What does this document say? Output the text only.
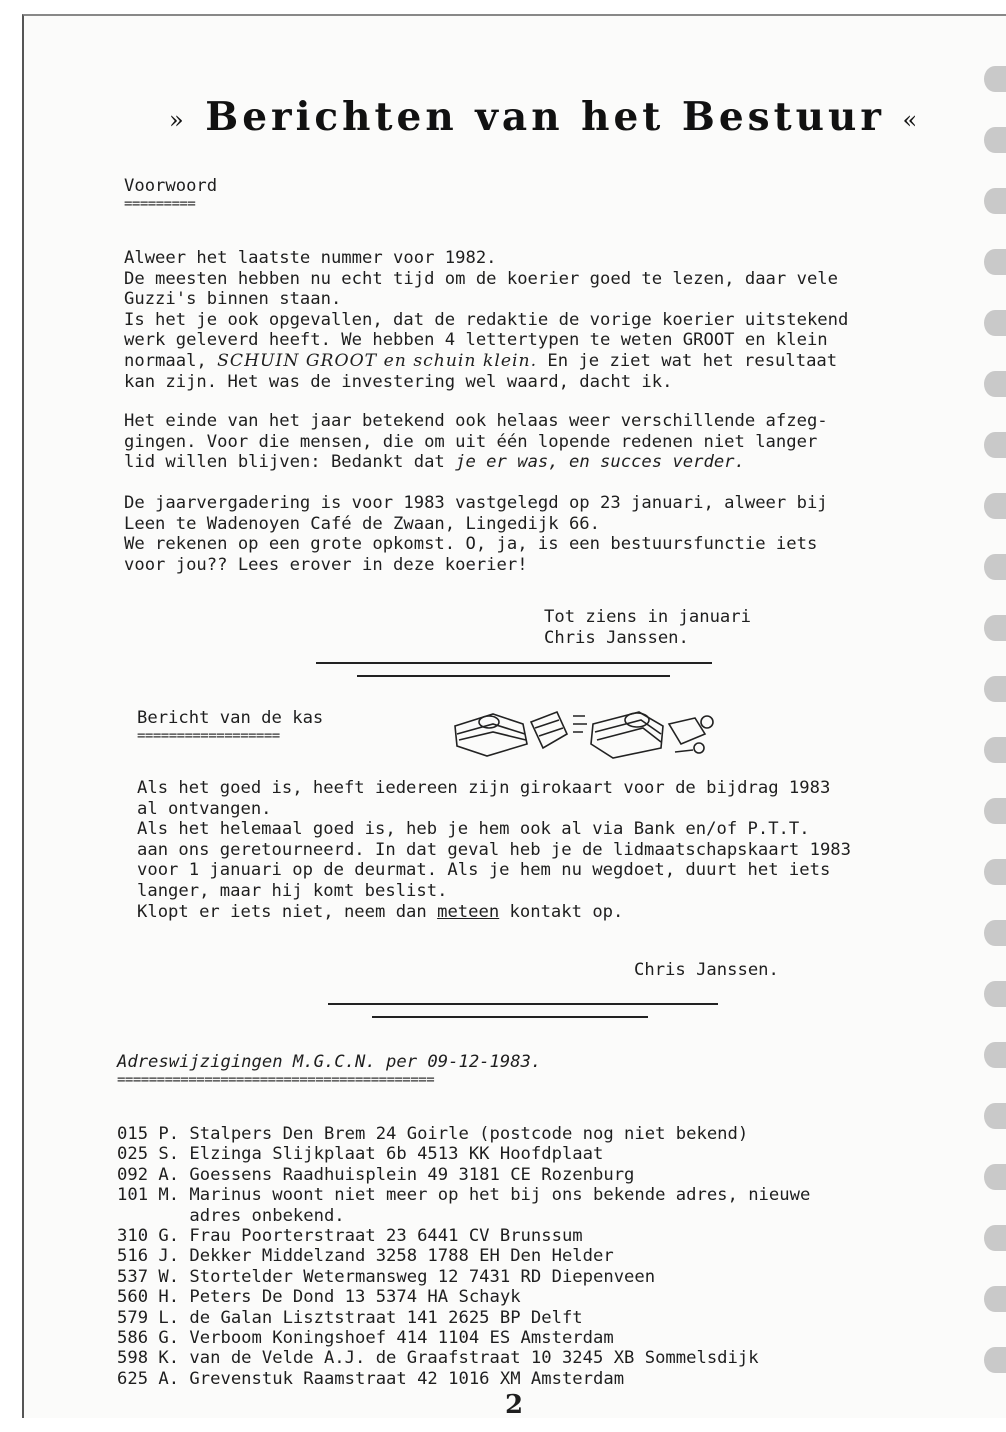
» Berichten van het Bestuur «
Voorwoord
=========
Alweer het laatste nummer voor 1982.
De meesten hebben nu echt tijd om de koerier goed te lezen, daar vele
Guzzi's binnen staan.
Is het je ook opgevallen, dat de redaktie de vorige koerier uitstekend
werk geleverd heeft. We hebben 4 lettertypen te weten GROOT en klein
normaal, SCHUIN GROOT en schuin klein. En je ziet wat het resultaat
kan zijn. Het was de investering wel waard, dacht ik.
Het einde van het jaar betekend ook helaas weer verschillende afzeg-
gingen. Voor die mensen, die om uit één lopende redenen niet langer
lid willen blijven: Bedankt dat je er was, en succes verder.
De jaarvergadering is voor 1983 vastgelegd op 23 januari, alweer bij
Leen te Wadenoyen Café de Zwaan, Lingedijk 66.
We rekenen op een grote opkomst. O, ja, is een bestuursfunctie iets
voor jou?? Lees erover in deze koerier!
Tot ziens in januari
Chris Janssen.
Bericht van de kas
==================
Als het goed is, heeft iedereen zijn girokaart voor de bijdrag 1983
al ontvangen.
Als het helemaal goed is, heb je hem ook al via Bank en/of P.T.T.
aan ons geretourneerd. In dat geval heb je de lidmaatschapskaart 1983
voor 1 januari op de deurmat. Als je hem nu wegdoet, duurt het iets
langer, maar hij komt beslist.
Klopt er iets niet, neem dan meteen kontakt op.
Chris Janssen.
Adreswijzigingen M.G.C.N. per 09-12-1983.
========================================
015 P. Stalpers Den Brem 24 Goirle (postcode nog niet bekend)
025 S. Elzinga Slijkplaat 6b 4513 KK Hoofdplaat
092 A. Goessens Raadhuisplein 49 3181 CE Rozenburg
101 M. Marinus woont niet meer op het bij ons bekende adres, nieuwe
adres onbekend.
310 G. Frau Poorterstraat 23 6441 CV Brunssum
516 J. Dekker Middelzand 3258 1788 EH Den Helder
537 W. Stortelder Wetermansweg 12 7431 RD Diepenveen
560 H. Peters De Dond 13 5374 HA Schayk
579 L. de Galan Lisztstraat 141 2625 BP Delft
586 G. Verboom Koningshoef 414 1104 ES Amsterdam
598 K. van de Velde A.J. de Graafstraat 10 3245 XB Sommelsdijk
625 A. Grevenstuk Raamstraat 42 1016 XM Amsterdam
2
